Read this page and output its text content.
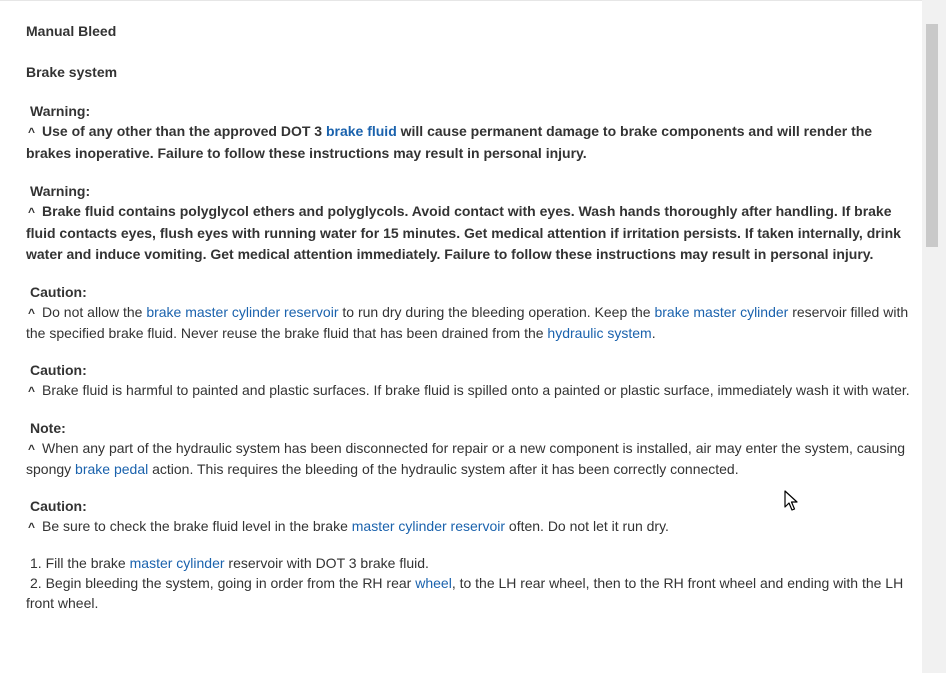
Manual Bleed
Brake system
Warning:

^ Use of any other than the approved DOT 3 brake fluid will cause permanent damage to brake components and will render the brakes inoperative. Failure to follow these instructions may result in personal injury.

Warning:

^ Brake fluid contains polyglycol ethers and polyglycols. Avoid contact with eyes. Wash hands thoroughly after handling. If brake fluid contacts eyes, flush eyes with running water for 15 minutes. Get medical attention if irritation persists. If taken internally, drink water and induce vomiting. Get medical attention immediately. Failure to follow these instructions may result in personal injury.

Caution:

^ Do not allow the brake master cylinder reservoir to run dry during the bleeding operation. Keep the brake master cylinder reservoir filled with the specified brake fluid. Never reuse the brake fluid that has been drained from the hydraulic system.

Caution:

^ Brake fluid is harmful to painted and plastic surfaces. If brake fluid is spilled onto a painted or plastic surface, immediately wash it with water.

Note:

^ When any part of the hydraulic system has been disconnected for repair or a new component is installed, air may enter the system, causing spongy brake pedal action. This requires the bleeding of the hydraulic system after it has been correctly connected.

Caution:

^ Be sure to check the brake fluid level in the brake master cylinder reservoir often. Do not let it run dry.

1. Fill the brake master cylinder reservoir with DOT 3 brake fluid.

2. Begin bleeding the system, going in order from the RH rear wheel, to the LH rear wheel, then to the RH front wheel and ending with the LH front wheel.
